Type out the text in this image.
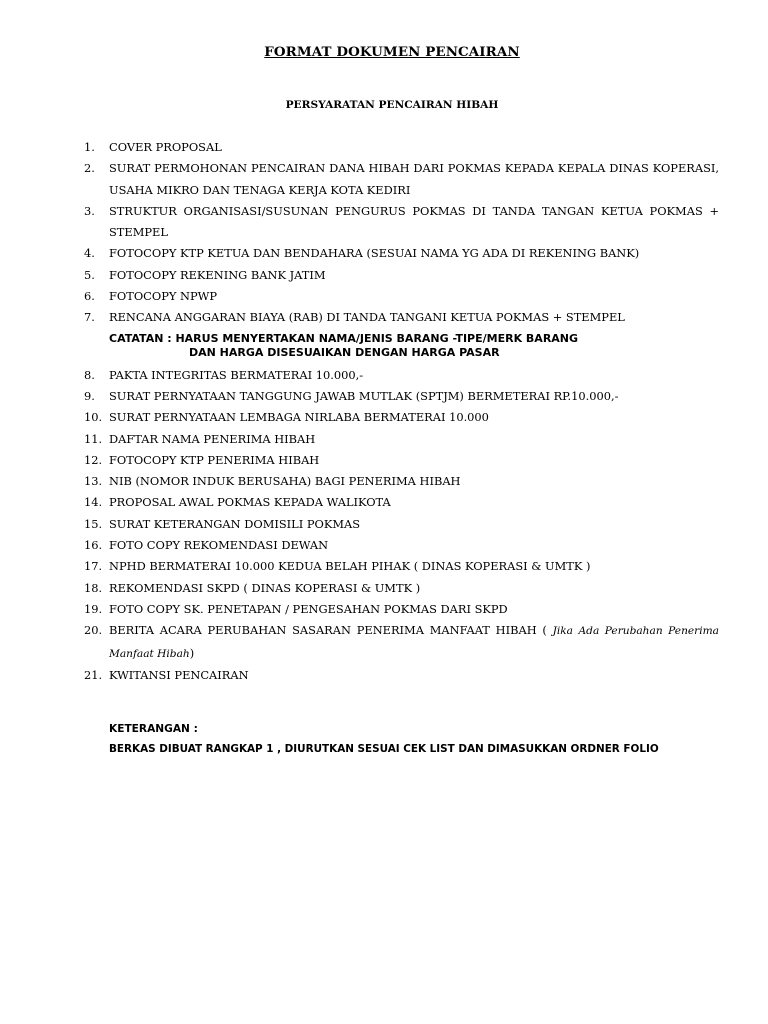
FORMAT DOKUMEN PENCAIRAN
PERSYARATAN PENCAIRAN HIBAH
1. COVER PROPOSAL
2. SURAT PERMOHONAN PENCAIRAN DANA HIBAH DARI POKMAS KEPADA KEPALA DINAS KOPERASI, USAHA MIKRO DAN TENAGA KERJA KOTA KEDIRI
3. STRUKTUR ORGANISASI/SUSUNAN PENGURUS POKMAS DI TANDA TANGAN KETUA POKMAS + STEMPEL
4. FOTOCOPY KTP KETUA DAN BENDAHARA (SESUAI NAMA YG ADA DI REKENING BANK)
5. FOTOCOPY REKENING BANK JATIM
6. FOTOCOPY NPWP
7. RENCANA ANGGARAN BIAYA (RAB) DI TANDA TANGANI KETUA POKMAS + STEMPEL
CATATAN : HARUS MENYERTAKAN NAMA/JENIS BARANG -TIPE/MERK BARANG
DAN HARGA DISESUAIKAN DENGAN HARGA PASAR
8. PAKTA INTEGRITAS BERMATERAI 10.000,-
9. SURAT PERNYATAAN TANGGUNG JAWAB MUTLAK (SPTJM) BERMETERAI RP.10.000,-
10. SURAT PERNYATAAN LEMBAGA NIRLABA BERMATERAI 10.000
11. DAFTAR NAMA PENERIMA HIBAH
12. FOTOCOPY KTP PENERIMA HIBAH
13. NIB (NOMOR INDUK BERUSAHA) BAGI PENERIMA HIBAH
14. PROPOSAL AWAL POKMAS KEPADA WALIKOTA
15. SURAT KETERANGAN DOMISILI POKMAS
16. FOTO COPY REKOMENDASI DEWAN
17. NPHD BERMATERAI 10.000 KEDUA BELAH PIHAK ( DINAS KOPERASI & UMTK )
18. REKOMENDASI SKPD ( DINAS KOPERASI & UMTK )
19. FOTO COPY SK. PENETAPAN / PENGESAHAN POKMAS DARI SKPD
20. BERITA ACARA PERUBAHAN SASARAN PENERIMA MANFAAT HIBAH ( Jika Ada Perubahan Penerima Manfaat Hibah)
21. KWITANSI PENCAIRAN
KETERANGAN :
BERKAS DIBUAT RANGKAP 1 , DIURUTKAN SESUAI CEK LIST DAN DIMASUKKAN ORDNER FOLIO
